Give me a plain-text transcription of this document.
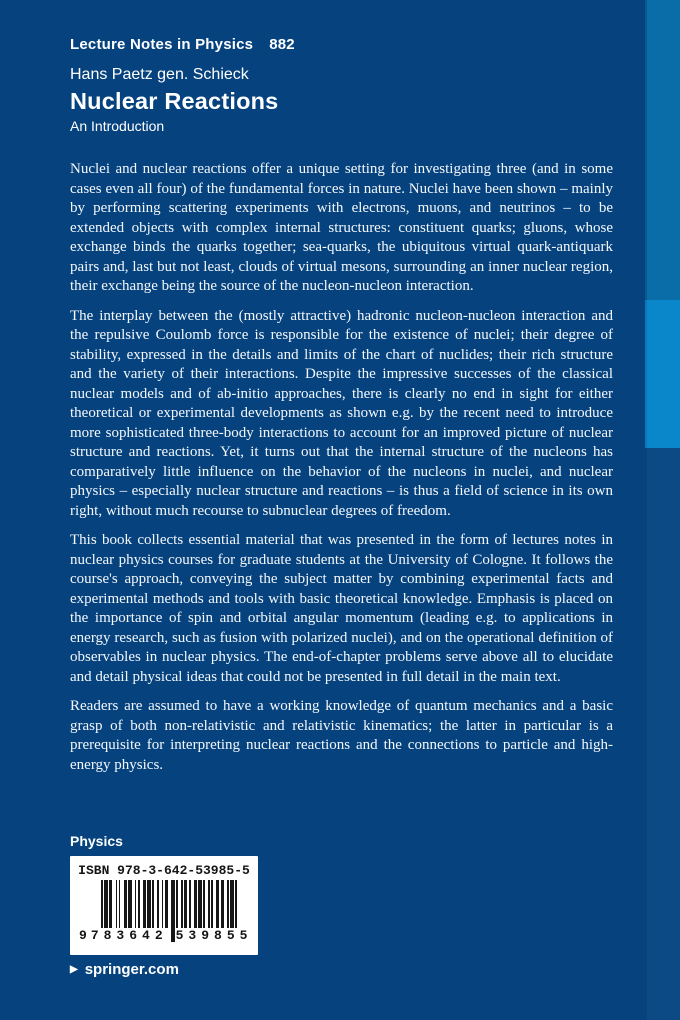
Lecture Notes in Physics 882
Hans Paetz gen. Schieck
Nuclear Reactions
An Introduction

Nuclei and nuclear reactions offer a unique setting for investigating three (and in some cases even all four) of the fundamental forces in nature. Nuclei have been shown – mainly by performing scattering experiments with electrons, muons, and neutrinos – to be extended objects with complex internal structures: constituent quarks; gluons, whose exchange binds the quarks together; sea-quarks, the ubiquitous virtual quark-antiquark pairs and, last but not least, clouds of virtual mesons, surrounding an inner nuclear region, their exchange being the source of the nucleon-nucleon interaction.

The interplay between the (mostly attractive) hadronic nucleon-nucleon interaction and the repulsive Coulomb force is responsible for the existence of nuclei; their degree of stability, expressed in the details and limits of the chart of nuclides; their rich structure and the variety of their interactions. Despite the impressive successes of the classical nuclear models and of ab-initio approaches, there is clearly no end in sight for either theoretical or experimental developments as shown e.g. by the recent need to introduce more sophisticated three-body interactions to account for an improved picture of nuclear structure and reactions. Yet, it turns out that the internal structure of the nucleons has comparatively little influence on the behavior of the nucleons in nuclei, and nuclear physics – especially nuclear structure and reactions – is thus a field of science in its own right, without much recourse to subnuclear degrees of freedom.

This book collects essential material that was presented in the form of lectures notes in nuclear physics courses for graduate students at the University of Cologne. It follows the course's approach, conveying the subject matter by combining experimental facts and experimental methods and tools with basic theoretical knowledge. Emphasis is placed on the importance of spin and orbital angular momentum (leading e.g. to applications in energy research, such as fusion with polarized nuclei), and on the operational definition of observables in nuclear physics. The end-of-chapter problems serve above all to elucidate and detail physical ideas that could not be presented in full detail in the main text.

Readers are assumed to have a working knowledge of quantum mechanics and a basic grasp of both non-relativistic and relativistic kinematics; the latter in particular is a prerequisite for interpreting nuclear reactions and the connections to particle and high-energy physics.

Physics
ISBN 978-3-642-53985-5
9 783642 539855
▶ springer.com
